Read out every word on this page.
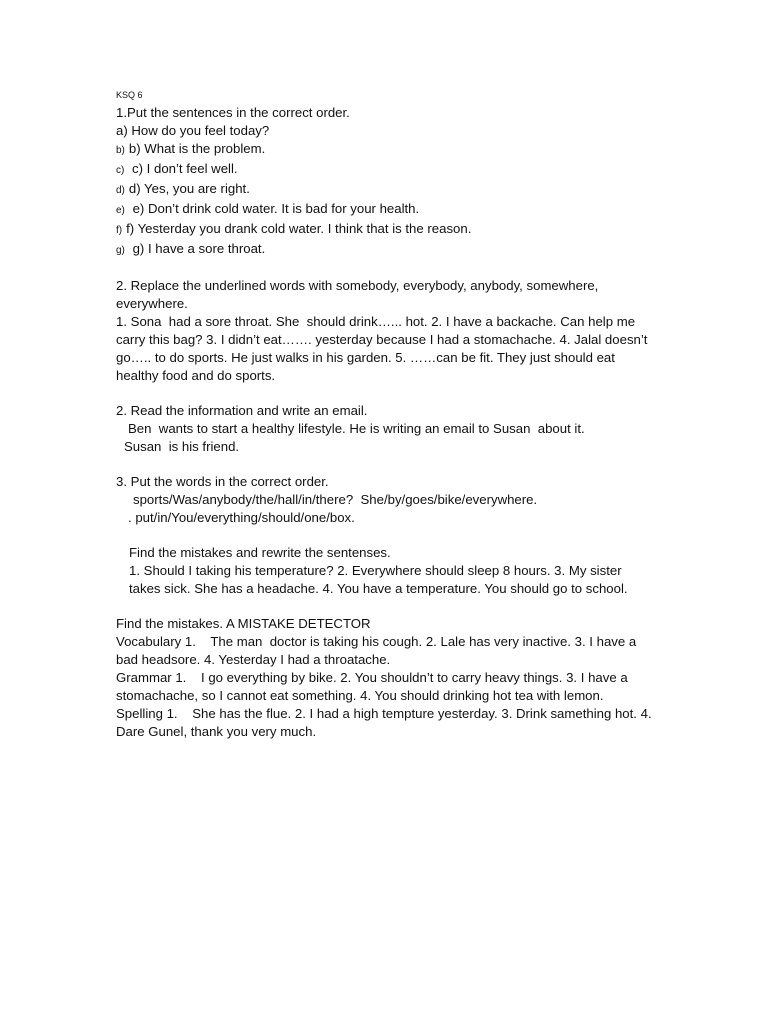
KSQ 6

1.Put the sentences in the correct order.

a) How do you feel today?

b) b) What is the problem.

c) c) I don’t feel well.

d) d) Yes, you are right.

e) e) Don’t drink cold water. It is bad for your health.

f) f) Yesterday you drank cold water. I think that is the reason.

g) g) I have a sore throat.

2. Replace the underlined words with somebody, everybody, anybody, somewhere, everywhere.

1. Sona  had a sore throat. She  should drink…... hot. 2. I have a backache. Can help me carry this bag? 3. I didn’t eat……. yesterday because I had a stomachache. 4. Jalal doesn’t go….. to do sports. He just walks in his garden. 5. ……can be fit. They just should eat healthy food and do sports.

2. Read the information and write an email.

Ben  wants to start a healthy lifestyle. He is writing an email to Susan  about it.

Susan  is his friend.

3. Put the words in the correct order.

sports/Was/anybody/the/hall/in/there?  She/by/goes/bike/everywhere.

. put/in/You/everything/should/one/box.

Find the mistakes and rewrite the sentenses.

1. Should I taking his temperature? 2. Everywhere should sleep 8 hours. 3. My sister takes sick. She has a headache. 4. You have a temperature. You should go to school.

Find the mistakes. A MISTAKE DETECTOR

Vocabulary 1.    The man  doctor is taking his cough. 2. Lale has very inactive. 3. I have a bad headsore. 4. Yesterday I had a throatache.

Grammar 1.    I go everything by bike. 2. You shouldn’t to carry heavy things. 3. I have a stomachache, so I cannot eat something. 4. You should drinking hot tea with lemon.

Spelling 1.    She has the flue. 2. I had a high tempture yesterday. 3. Drink samething hot. 4. Dare Gunel, thank you very much.
